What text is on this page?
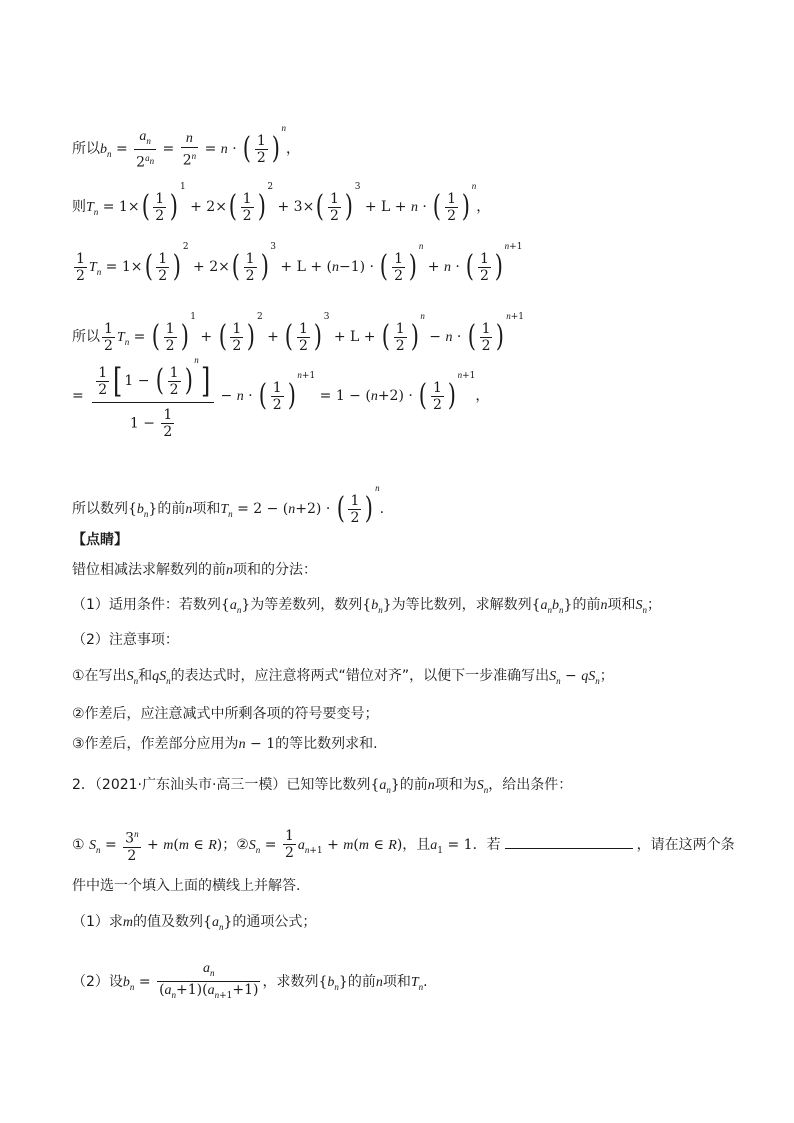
所以$b_n = \frac{a_n}{2^{a_n}} = \frac{n}{2^n} = n$ · ( $\frac{1}{2} )^n$，
则$T_n = 1\times( \frac{1}{2} )^1 + 2\times( \frac{1}{2} )^2 + 3\times( \frac{1}{2} )^3 + L + n$ · ( $\frac{1}{2} )^n$，
$\frac{1}{2} T_n = 1\times( \frac{1}{2} )^2 + 2\times( \frac{1}{2} )^3 + L + (n-1)$ · ( $\frac{1}{2} )^n + n$ · ( $\frac{1}{2} )^{n+1}$
所以 $\frac{1}{2} T_n$ = ( $\frac{1}{2} )^1$ + ( $\frac{1}{2} )^2$ + ( $\frac{1}{2} )^3 + L$ + ( $\frac{1}{2} )^n - n$ · ( $\frac{1}{2} )^{n+1}$
= $\frac{\frac{1}{2} [ 1 - ( \frac{1}{2} )^n]}{1 - \frac{1}{2}} - n$ · ( $\frac{1}{2} )^{n+1} = 1 - (n+2)$ · ( $\frac{1}{2} )^{n+1}$，
所以数列$\{b_n\}$的前n项和$T_n = 2 - (n+2)$ · ( $\frac{1}{2} )^n$.
【点睛】
错位相减法求解数列的前n项和的分法：
（1）适用条件：若数列$\{a_n\}$为等差数列，数列$\{b_n\}$为等比数列，求解数列$\{a_nb_n\}$的前n项和$S_n$；
（2）注意事项：
①在写出$S_n$和$qS_n$的表达式时，应注意将两式“错位对齐”，以便下一步准确写出$S_n - qS_n$；
②作差后，应注意减式中所剩各项的符号要变号；
③作差后，作差部分应用为n − 1的等比数列求和.
2．（2021·广东汕头市·高三一模）已知等比数列$\{a_n\}$的前n项和为$S_n$，给出条件：
① $S_n = \frac{3^n}{2} + m(m$ ∈ R)；$②S_n = \frac{1}{2} a_{n+1} + m(m$ ∈ R)，且$a_1 = 1$．若	，请在这两个条
件中选一个填入上面的横线上并解答.
（1）求m的值及数列$\{a_n\}$的通项公式；
（2）设$b_n = \frac{a_n}{(a_n+1)(a_{n+1}+1)}$ ，求数列$\{b_n\}$的前n项和$T_n$.
